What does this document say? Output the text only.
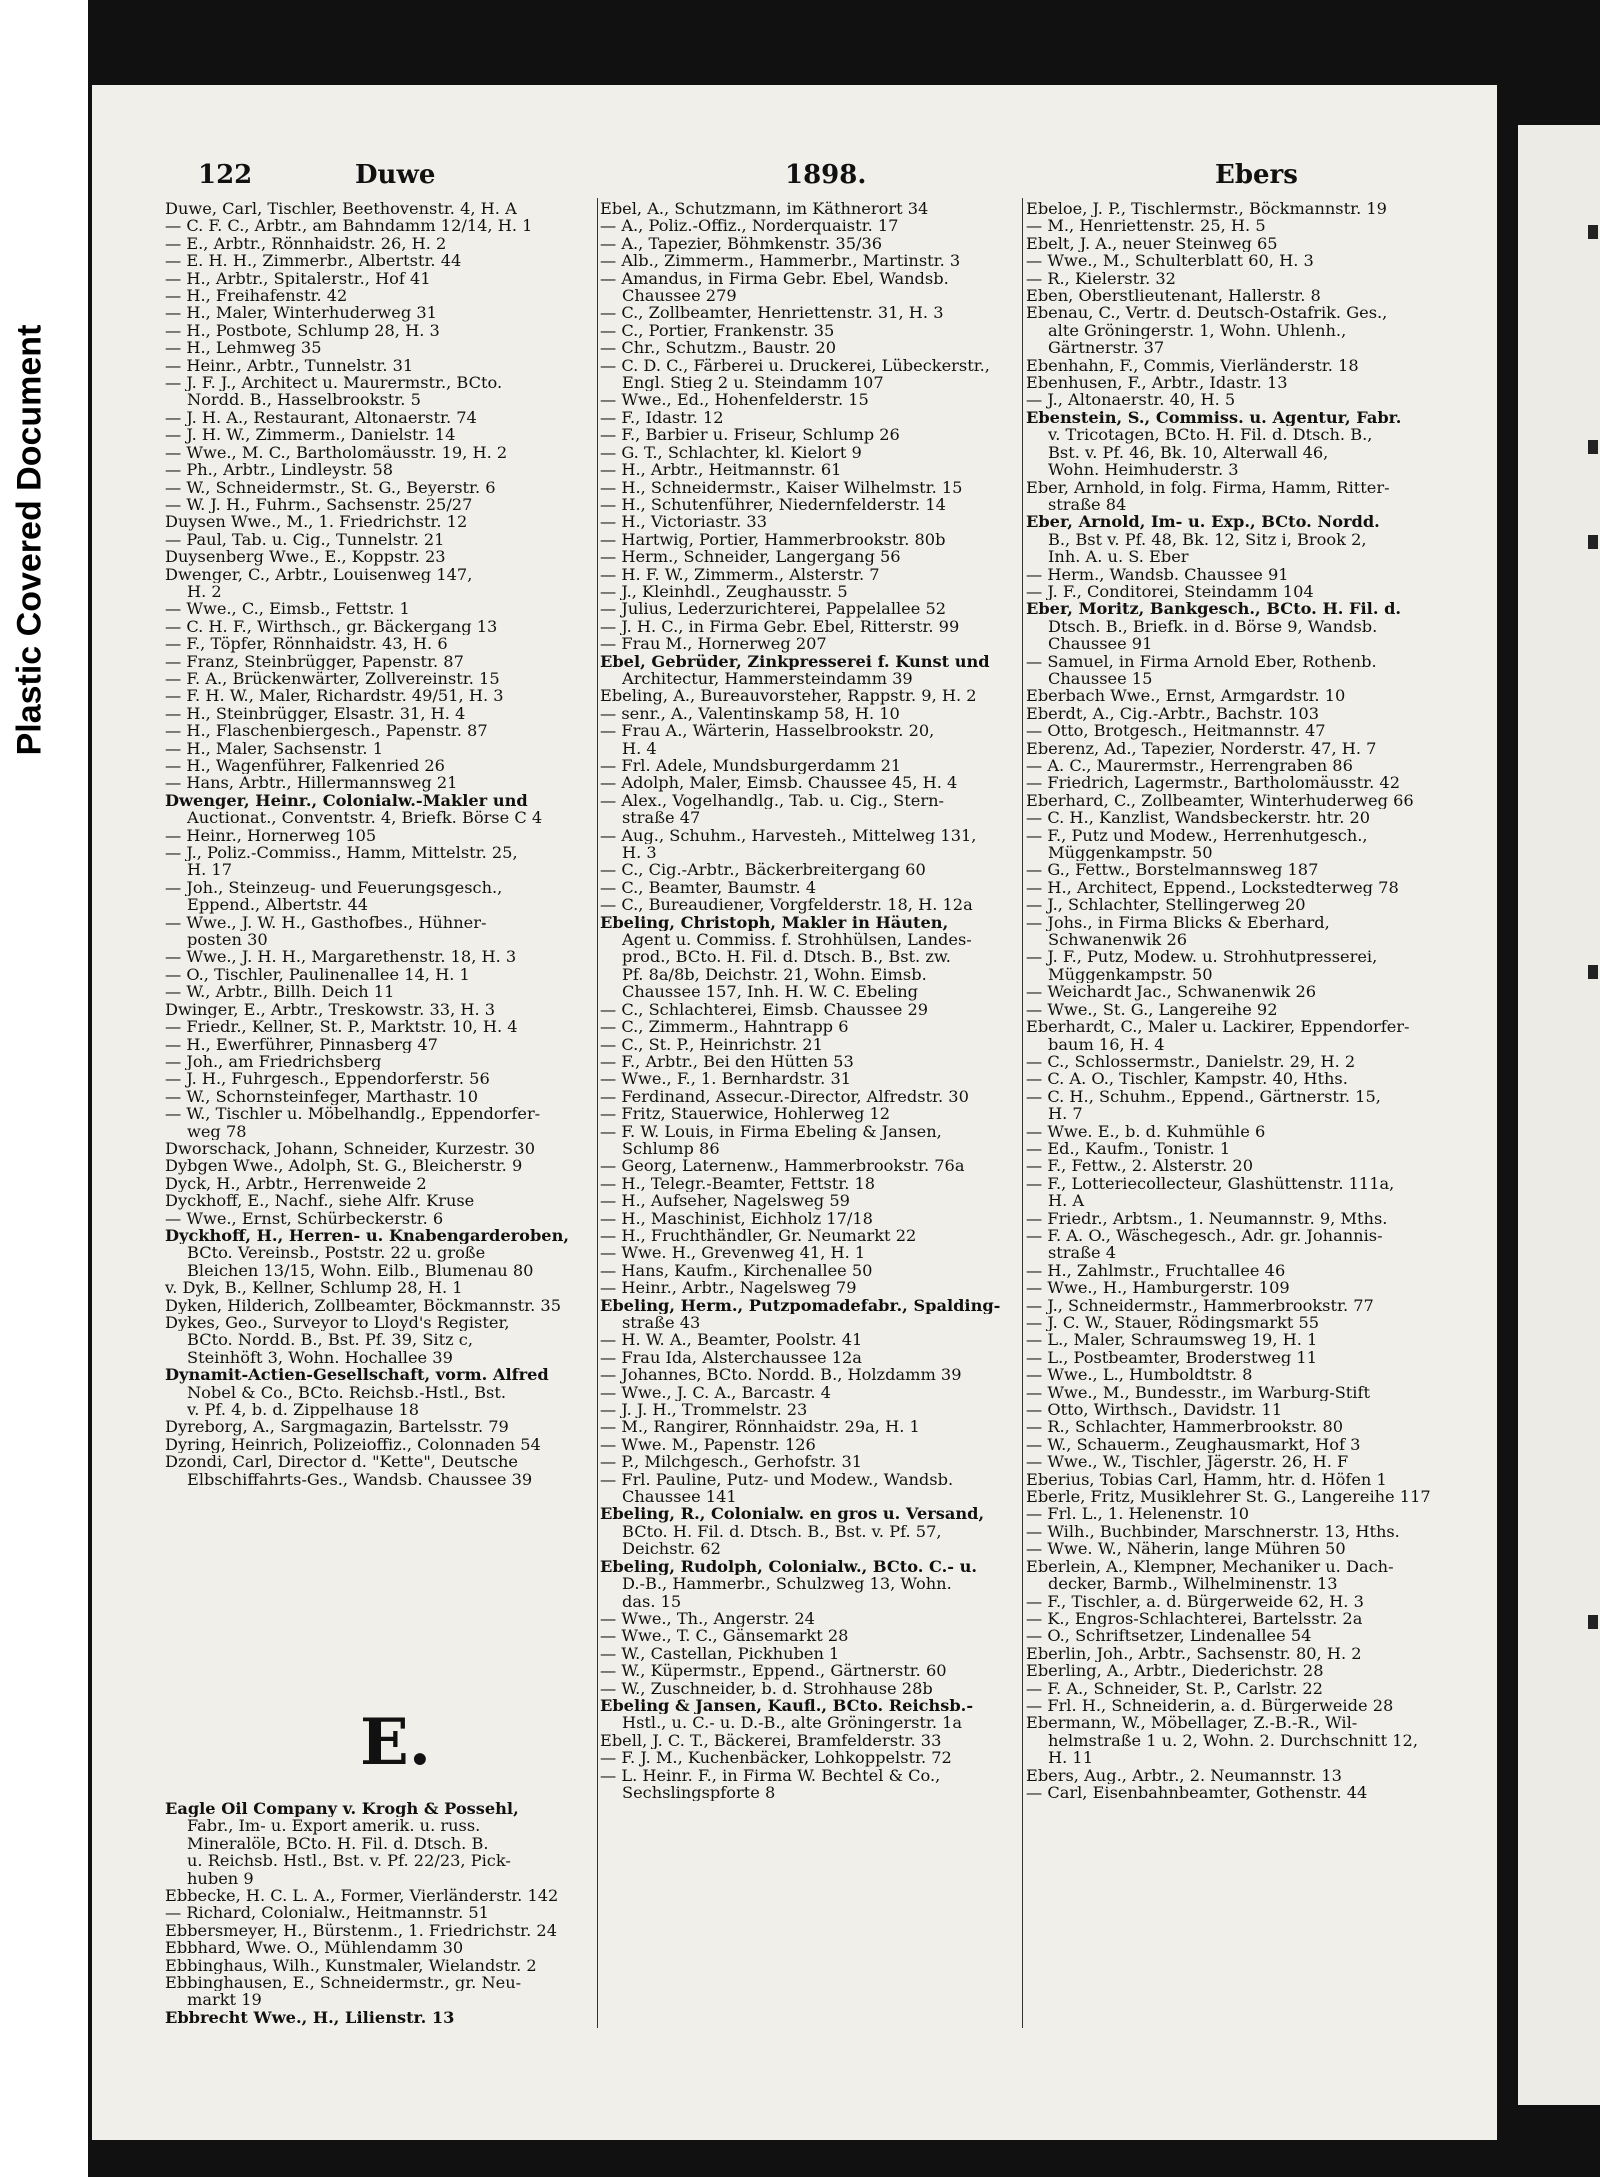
Plastic Covered Document
122	Duwe	1898.	Ebers
Duwe, Carl, Tischler, Beethovenstr. 4, H. A
— C. F. C., Arbtr., am Bahndamm 12/14, H. 1
— E., Arbtr., Rönnhaidstr. 26, H. 2
— E. H. H., Zimmerbr., Albertstr. 44
— H., Arbtr., Spitalerstr., Hof 41
— H., Freihafenstr. 42
— H., Maler, Winterhuderweg 31
— H., Postbote, Schlump 28, H. 3
— H., Lehmweg 35
— Heinr., Arbtr., Tunnelstr. 31
— J. F. J., Architect u. Maurermstr., BCto.
Nordd. B., Hasselbrookstr. 5
— J. H. A., Restaurant, Altonaerstr. 74
— J. H. W., Zimmerm., Danielstr. 14
— Wwe., M. C., Bartholomäusstr. 19, H. 2
— Ph., Arbtr., Lindleystr. 58
— W., Schneidermstr., St. G., Beyerstr. 6
— W. J. H., Fuhrm., Sachsenstr. 25/27
Duysen Wwe., M., 1. Friedrichstr. 12
— Paul, Tab. u. Cig., Tunnelstr. 21
Duysenberg Wwe., E., Koppstr. 23
Dwenger, C., Arbtr., Louisenweg 147,
H. 2
— Wwe., C., Eimsb., Fettstr. 1
— C. H. F., Wirthsch., gr. Bäckergang 13
— F., Töpfer, Rönnhaidstr. 43, H. 6
— Franz, Steinbrügger, Papenstr. 87
— F. A., Brückenwärter, Zollvereinstr. 15
— F. H. W., Maler, Richardstr. 49/51, H. 3
— H., Steinbrügger, Elsastr. 31, H. 4
— H., Flaschenbiergesch., Papenstr. 87
— H., Maler, Sachsenstr. 1
— H., Wagenführer, Falkenried 26
— Hans, Arbtr., Hillermannsweg 21
Dwenger, Heinr., Colonialw.-Makler und
Auctionat., Conventstr. 4, Briefk. Börse C 4
— Heinr., Hornerweg 105
— J., Poliz.-Commiss., Hamm, Mittelstr. 25,
H. 17
— Joh., Steinzeug- und Feuerungsgesch.,
Eppend., Albertstr. 44
— Wwe., J. W. H., Gasthofbes., Hühner-
posten 30
— Wwe., J. H. H., Margarethenstr. 18, H. 3
— O., Tischler, Paulinenallee 14, H. 1
— W., Arbtr., Billh. Deich 11
Dwinger, E., Arbtr., Treskowstr. 33, H. 3
— Friedr., Kellner, St. P., Marktstr. 10, H. 4
— H., Ewerführer, Pinnasberg 47
— Joh., am Friedrichsberg
— J. H., Fuhrgesch., Eppendorferstr. 56
— W., Schornsteinfeger, Marthastr. 10
— W., Tischler u. Möbelhandlg., Eppendorfer-
weg 78
Dworschack, Johann, Schneider, Kurzestr. 30
Dybgen Wwe., Adolph, St. G., Bleicherstr. 9
Dyck, H., Arbtr., Herrenweide 2
Dyckhoff, E., Nachf., siehe Alfr. Kruse
— Wwe., Ernst, Schürbeckerstr. 6
Dyckhoff, H., Herren- u. Knabengarderoben,
BCto. Vereinsb., Poststr. 22 u. große
Bleichen 13/15, Wohn. Eilb., Blumenau 80
v. Dyk, B., Kellner, Schlump 28, H. 1
Dyken, Hilderich, Zollbeamter, Böckmannstr. 35
Dykes, Geo., Surveyor to Lloyd's Register,
BCto. Nordd. B., Bst. Pf. 39, Sitz c,
Steinhöft 3, Wohn. Hochallee 39
Dynamit-Actien-Gesellschaft, vorm. Alfred
Nobel & Co., BCto. Reichsb.-Hstl., Bst.
v. Pf. 4, b. d. Zippelhause 18
Dyreborg, A., Sargmagazin, Bartelsstr. 79
Dyring, Heinrich, Polizeioffiz., Colonnaden 54
Dzondi, Carl, Director d. "Kette", Deutsche
Elbschiffahrts-Ges., Wandsb. Chaussee 39
E.
Eagle Oil Company v. Krogh & Possehl,
Fabr., Im- u. Export amerik. u. russ.
Mineralöle, BCto. H. Fil. d. Dtsch. B.
u. Reichsb. Hstl., Bst. v. Pf. 22/23, Pick-
huben 9
Ebbecke, H. C. L. A., Former, Vierländerstr. 142
— Richard, Colonialw., Heitmannstr. 51
Ebbersmeyer, H., Bürstenm., 1. Friedrichstr. 24
Ebbhard, Wwe. O., Mühlendamm 30
Ebbinghaus, Wilh., Kunstmaler, Wielandstr. 2
Ebbinghausen, E., Schneidermstr., gr. Neu-
markt 19
Ebbrecht Wwe., H., Lilienstr. 13
Ebel, A., Schutzmann, im Käthnerort 34
— A., Poliz.-Offiz., Norderquaistr. 17
— A., Tapezier, Böhmkenstr. 35/36
— Alb., Zimmerm., Hammerbr., Martinstr. 3
— Amandus, in Firma Gebr. Ebel, Wandsb.
Chaussee 279
— C., Zollbeamter, Henriettenstr. 31, H. 3
— C., Portier, Frankenstr. 35
— Chr., Schutzm., Baustr. 20
— C. D. C., Färberei u. Druckerei, Lübeckerstr.,
Engl. Stieg 2 u. Steindamm 107
— Wwe., Ed., Hohenfelderstr. 15
— F., Idastr. 12
— F., Barbier u. Friseur, Schlump 26
— G. T., Schlachter, kl. Kielort 9
— H., Arbtr., Heitmannstr. 61
— H., Schneidermstr., Kaiser Wilhelmstr. 15
— H., Schutenführer, Niedernfelderstr. 14
— H., Victoriastr. 33
— Hartwig, Portier, Hammerbrookstr. 80b
— Herm., Schneider, Langergang 56
— H. F. W., Zimmerm., Alsterstr. 7
— J., Kleinhdl., Zeughausstr. 5
— Julius, Lederzurichterei, Pappelallee 52
— J. H. C., in Firma Gebr. Ebel, Ritterstr. 99
— Frau M., Hornerweg 207
Ebel, Gebrüder, Zinkpresserei f. Kunst und
Architectur, Hammersteindamm 39
Ebeling, A., Bureauvorsteher, Rappstr. 9, H. 2
— senr., A., Valentinskamp 58, H. 10
— Frau A., Wärterin, Hasselbrookstr. 20,
H. 4
— Frl. Adele, Mundsburgerdamm 21
— Adolph, Maler, Eimsb. Chaussee 45, H. 4
— Alex., Vogelhandlg., Tab. u. Cig., Stern-
straße 47
— Aug., Schuhm., Harvesteh., Mittelweg 131,
H. 3
— C., Cig.-Arbtr., Bäckerbreitergang 60
— C., Beamter, Baumstr. 4
— C., Bureaudiener, Vorgfelderstr. 18, H. 12a
Ebeling, Christoph, Makler in Häuten,
Agent u. Commiss. f. Strohhülsen, Landes-
prod., BCto. H. Fil. d. Dtsch. B., Bst. zw.
Pf. 8a/8b, Deichstr. 21, Wohn. Eimsb.
Chaussee 157, Inh. H. W. C. Ebeling
— C., Schlachterei, Eimsb. Chaussee 29
— C., Zimmerm., Hahntrapp 6
— C., St. P., Heinrichstr. 21
— F., Arbtr., Bei den Hütten 53
— Wwe., F., 1. Bernhardstr. 31
— Ferdinand, Assecur.-Director, Alfredstr. 30
— Fritz, Stauerwice, Hohlerweg 12
— F. W. Louis, in Firma Ebeling & Jansen,
Schlump 86
— Georg, Laternenw., Hammerbrookstr. 76a
— H., Telegr.-Beamter, Fettstr. 18
— H., Aufseher, Nagelsweg 59
— H., Maschinist, Eichholz 17/18
— H., Fruchthändler, Gr. Neumarkt 22
— Wwe. H., Grevenweg 41, H. 1
— Hans, Kaufm., Kirchenallee 50
— Heinr., Arbtr., Nagelsweg 79
Ebeling, Herm., Putzpomadefabr., Spalding-
straße 43
— H. W. A., Beamter, Poolstr. 41
— Frau Ida, Alsterchaussee 12a
— Johannes, BCto. Nordd. B., Holzdamm 39
— Wwe., J. C. A., Barcastr. 4
— J. J. H., Trommelstr. 23
— M., Rangirer, Rönnhaidstr. 29a, H. 1
— Wwe. M., Papenstr. 126
— P., Milchgesch., Gerhofstr. 31
— Frl. Pauline, Putz- und Modew., Wandsb.
Chaussee 141
Ebeling, R., Colonialw. en gros u. Versand,
BCto. H. Fil. d. Dtsch. B., Bst. v. Pf. 57,
Deichstr. 62
Ebeling, Rudolph, Colonialw., BCto. C.- u.
D.-B., Hammerbr., Schulzweg 13, Wohn.
das. 15
— Wwe., Th., Angerstr. 24
— Wwe., T. C., Gänsemarkt 28
— W., Castellan, Pickhuben 1
— W., Küpermstr., Eppend., Gärtnerstr. 60
— W., Zuschneider, b. d. Strohhause 28b
Ebeling & Jansen, Kaufl., BCto. Reichsb.-
Hstl., u. C.- u. D.-B., alte Gröningerstr. 1a
Ebell, J. C. T., Bäckerei, Bramfelderstr. 33
— F. J. M., Kuchenbäcker, Lohkoppelstr. 72
— L. Heinr. F., in Firma W. Bechtel & Co.,
Sechslingspforte 8
Ebeloe, J. P., Tischlermstr., Böckmannstr. 19
— M., Henriettenstr. 25, H. 5
Ebelt, J. A., neuer Steinweg 65
— Wwe., M., Schulterblatt 60, H. 3
— R., Kielerstr. 32
Eben, Oberstlieutenant, Hallerstr. 8
Ebenau, C., Vertr. d. Deutsch-Ostafrik. Ges.,
alte Gröningerstr. 1, Wohn. Uhlenh.,
Gärtnerstr. 37
Ebenhahn, F., Commis, Vierländerstr. 18
Ebenhusen, F., Arbtr., Idastr. 13
— J., Altonaerstr. 40, H. 5
Ebenstein, S., Commiss. u. Agentur, Fabr.
v. Tricotagen, BCto. H. Fil. d. Dtsch. B.,
Bst. v. Pf. 46, Bk. 10, Alterwall 46,
Wohn. Heimhuderstr. 3
Eber, Arnhold, in folg. Firma, Hamm, Ritter-
straße 84
Eber, Arnold, Im- u. Exp., BCto. Nordd.
B., Bst v. Pf. 48, Bk. 12, Sitz i, Brook 2,
Inh. A. u. S. Eber
— Herm., Wandsb. Chaussee 91
— J. F., Conditorei, Steindamm 104
Eber, Moritz, Bankgesch., BCto. H. Fil. d.
Dtsch. B., Briefk. in d. Börse 9, Wandsb.
Chaussee 91
— Samuel, in Firma Arnold Eber, Rothenb.
Chaussee 15
Eberbach Wwe., Ernst, Armgardstr. 10
Eberdt, A., Cig.-Arbtr., Bachstr. 103
— Otto, Brotgesch., Heitmannstr. 47
Eberenz, Ad., Tapezier, Norderstr. 47, H. 7
— A. C., Maurermstr., Herrengraben 86
— Friedrich, Lagermstr., Bartholomäusstr. 42
Eberhard, C., Zollbeamter, Winterhuderweg 66
— C. H., Kanzlist, Wandsbeckerstr. htr. 20
— F., Putz und Modew., Herrenhutgesch.,
Müggenkampstr. 50
— G., Fettw., Borstelmannsweg 187
— H., Architect, Eppend., Lockstedterweg 78
— J., Schlachter, Stellingerweg 20
— Johs., in Firma Blicks & Eberhard,
Schwanenwik 26
— J. F., Putz, Modew. u. Strohhutpresserei,
Müggenkampstr. 50
— Weichardt Jac., Schwanenwik 26
— Wwe., St. G., Langereihe 92
Eberhardt, C., Maler u. Lackirer, Eppendorfer-
baum 16, H. 4
— C., Schlossermstr., Danielstr. 29, H. 2
— C. A. O., Tischler, Kampstr. 40, Hths.
— C. H., Schuhm., Eppend., Gärtnerstr. 15,
H. 7
— Wwe. E., b. d. Kuhmühle 6
— Ed., Kaufm., Tonistr. 1
— F., Fettw., 2. Alsterstr. 20
— F., Lotteriecollecteur, Glashüttenstr. 111a,
H. A
— Friedr., Arbtsm., 1. Neumannstr. 9, Mths.
— F. A. O., Wäschegesch., Adr. gr. Johannis-
straße 4
— H., Zahlmstr., Fruchtallee 46
— Wwe., H., Hamburgerstr. 109
— J., Schneidermstr., Hammerbrookstr. 77
— J. C. W., Stauer, Rödingsmarkt 55
— L., Maler, Schraumsweg 19, H. 1
— L., Postbeamter, Broderstweg 11
— Wwe., L., Humboldtstr. 8
— Wwe., M., Bundesstr., im Warburg-Stift
— Otto, Wirthsch., Davidstr. 11
— R., Schlachter, Hammerbrookstr. 80
— W., Schauerm., Zeughausmarkt, Hof 3
— Wwe., W., Tischler, Jägerstr. 26, H. F
Eberius, Tobias Carl, Hamm, htr. d. Höfen 1
Eberle, Fritz, Musiklehrer St. G., Langereihe 117
— Frl. L., 1. Helenenstr. 10
— Wilh., Buchbinder, Marschnerstr. 13, Hths.
— Wwe. W., Näherin, lange Mühren 50
Eberlein, A., Klempner, Mechaniker u. Dach-
decker, Barmb., Wilhelminenstr. 13
— F., Tischler, a. d. Bürgerweide 62, H. 3
— K., Engros-Schlachterei, Bartelsstr. 2a
— O., Schriftsetzer, Lindenallee 54
Eberlin, Joh., Arbtr., Sachsenstr. 80, H. 2
Eberling, A., Arbtr., Diederichstr. 28
— F. A., Schneider, St. P., Carlstr. 22
— Frl. H., Schneiderin, a. d. Bürgerweide 28
Ebermann, W., Möbellager, Z.-B.-R., Wil-
helmstraße 1 u. 2, Wohn. 2. Durchschnitt 12,
H. 11
Ebers, Aug., Arbtr., 2. Neumannstr. 13
— Carl, Eisenbahnbeamter, Gothenstr. 44
